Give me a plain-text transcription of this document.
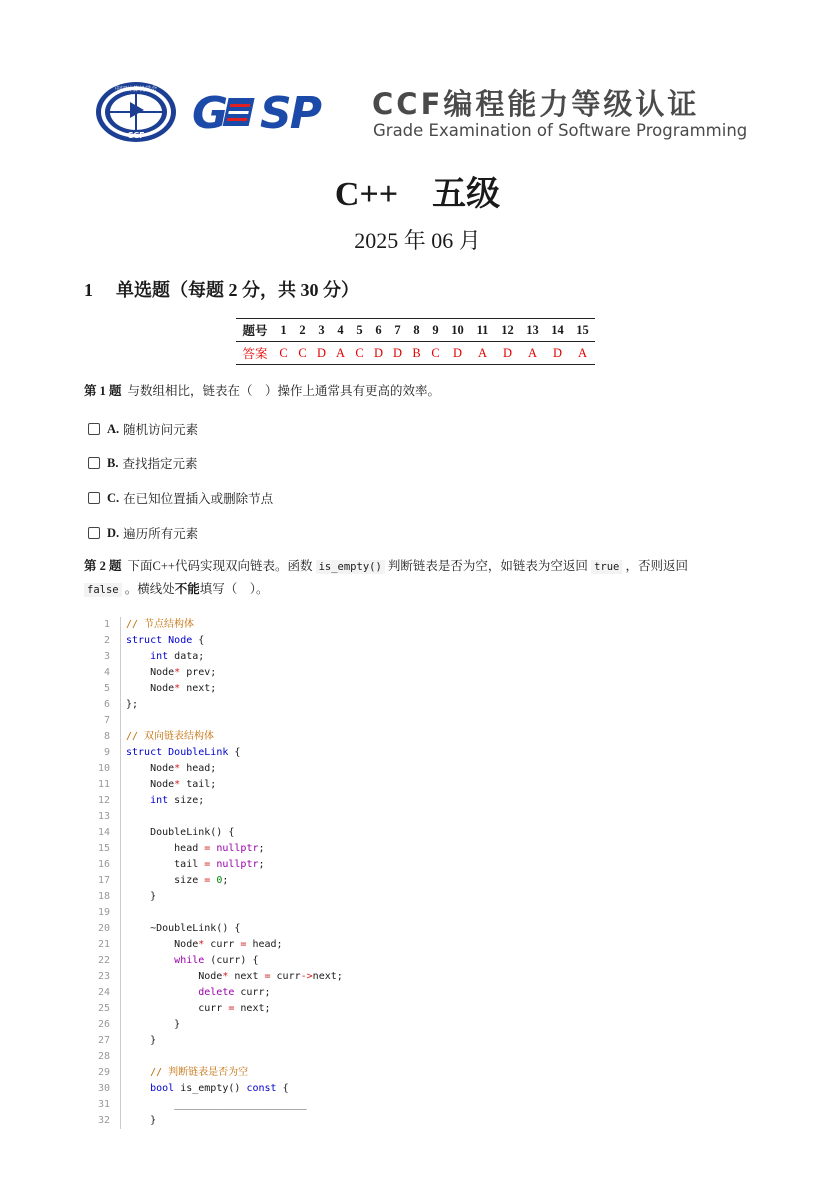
中国计算机学会
CCF G SP CCF编程能力等级认证
Grade Examination of Software Programming
C++　五级
2025 年 06 月
1 单选题（每题 2 分，共 30 分）
题号	1	2	3	4	5	6	7	8	9	10	11	12	13	14	15
答案	C	C	D	A	C	D	D	B	C	D	A	D	A	D	A
第 1 题 与数组相比，链表在（　）操作上通常具有更高的效率。
A. 随机访问元素
B. 查找指定元素
C. 在已知位置插入或删除节点
D. 遍历所有元素
第 2 题 下面C++代码实现双向链表。函数 is_empty() 判断链表是否为空，如链表为空返回 true ，否则返回
false 。横线处不能填写（　）。
1	// 节点结构体
2	struct Node {
3	int data;
4	Node* prev;
5	Node* next;
6	};
7
8	// 双向链表结构体
9	struct DoubleLink {
10	Node* head;
11	Node* tail;
12	int size;
13
14	DoubleLink() {
15	head = nullptr;
16	tail = nullptr;
17	size = 0;
18	}
19
20	~DoubleLink() {
21	Node* curr = head;
22	while (curr) {
23	Node* next = curr->next;
24	delete curr;
25	curr = next;
26	}
27	}
28
29	// 判断链表是否为空
30	bool is_empty() const {
31	______________________
32	}
